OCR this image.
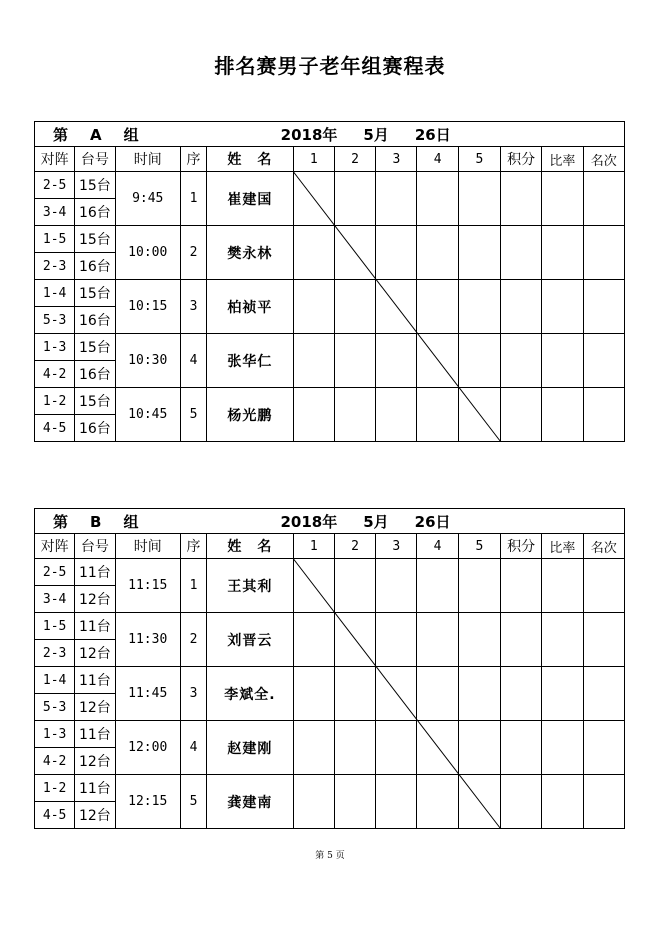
排名赛男子老年组赛程表
第 A 组 2018年 5月 26日												
对阵	台号	时间	序	姓　名	1	2	3	4	5	积分	比率	名次
2-5	15台	9:45	1	崔建国								
3-4	16台											
1-5	15台	10:00	2	樊永林								
2-3	16台											
1-4	15台	10:15	3	柏祯平								
5-3	16台											
1-3	15台	10:30	4	张华仁								
4-2	16台											
1-2	15台	10:45	5	杨光鹏								
4-5	16台											
第 B 组 2018年 5月 26日												
对阵	台号	时间	序	姓　名	1	2	3	4	5	积分	比率	名次
2-5	11台	11:15	1	王其利								
3-4	12台											
1-5	11台	11:30	2	刘晋云								
2-3	12台											
1-4	11台	11:45	3	李斌全.								
5-3	12台											
1-3	11台	12:00	4	赵建刚								
4-2	12台											
1-2	11台	12:15	5	龚建南								
4-5	12台											
第 5 页
